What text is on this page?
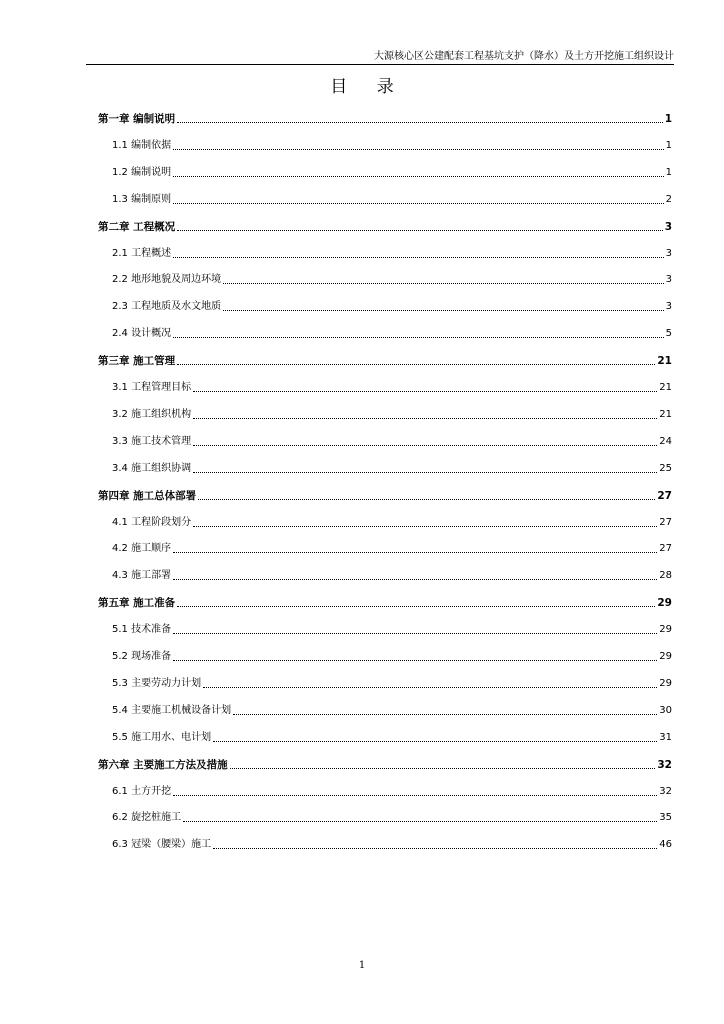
大源核心区公建配套工程基坑支护（降水）及土方开挖施工组织设计
目 录
第一章 编制说明	1
1.1 编制依据	1
1.2 编制说明	1
1.3 编制原则	2
第二章 工程概况	3
2.1 工程概述	3
2.2 地形地貌及周边环境	3
2.3 工程地质及水文地质	3
2.4 设计概况	5
第三章 施工管理	21
3.1 工程管理目标	21
3.2 施工组织机构	21
3.3 施工技术管理	24
3.4 施工组织协调	25
第四章 施工总体部署	27
4.1 工程阶段划分	27
4.2 施工顺序	27
4.3 施工部署	28
第五章 施工准备	29
5.1 技术准备	29
5.2 现场准备	29
5.3 主要劳动力计划	29
5.4 主要施工机械设备计划	30
5.5 施工用水、电计划	31
第六章 主要施工方法及措施	32
6.1 土方开挖	32
6.2 旋挖桩施工	35
6.3 冠梁（腰梁）施工	46
1
